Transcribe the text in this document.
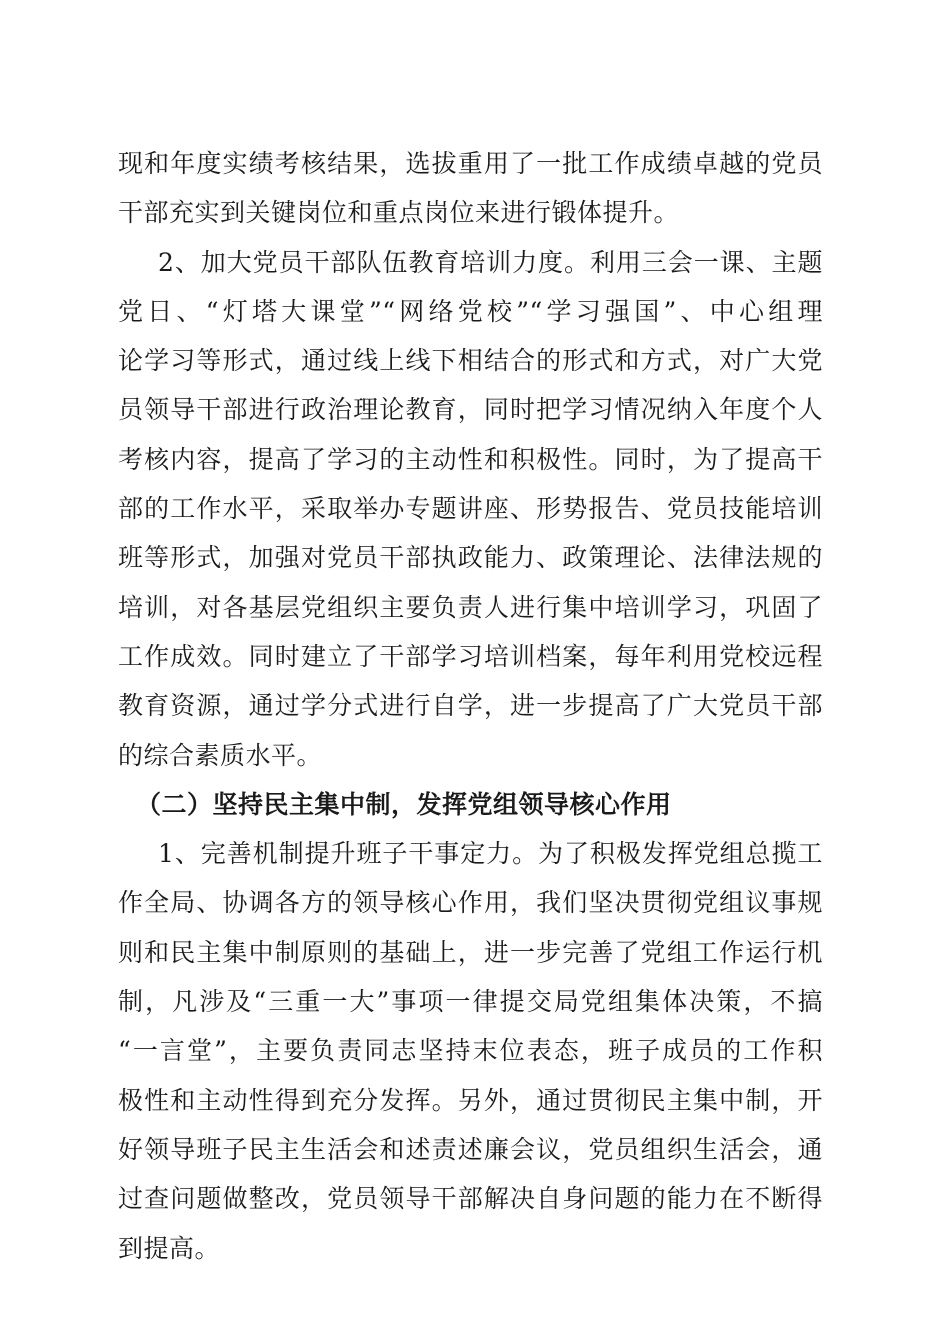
现和年度实绩考核结果，选拔重用了一批工作成绩卓越的党员
干部充实到关键岗位和重点岗位来进行锻体提升。
2、加大党员干部队伍教育培训力度。利用三会一课、主题
党日、“灯塔大课堂”“网络党校”“学习强国”、中心组理
论学习等形式，通过线上线下相结合的形式和方式，对广大党
员领导干部进行政治理论教育，同时把学习情况纳入年度个人
考核内容，提高了学习的主动性和积极性。同时，为了提高干
部的工作水平，采取举办专题讲座、形势报告、党员技能培训
班等形式，加强对党员干部执政能力、政策理论、法律法规的
培训，对各基层党组织主要负责人进行集中培训学习，巩固了
工作成效。同时建立了干部学习培训档案，每年利用党校远程
教育资源，通过学分式进行自学，进一步提高了广大党员干部
的综合素质水平。
（二）坚持民主集中制，发挥党组领导核心作用
1、完善机制提升班子干事定力。为了积极发挥党组总揽工
作全局、协调各方的领导核心作用，我们坚决贯彻党组议事规
则和民主集中制原则的基础上，进一步完善了党组工作运行机
制，凡涉及“三重一大”事项一律提交局党组集体决策，不搞
“一言堂”，主要负责同志坚持末位表态，班子成员的工作积
极性和主动性得到充分发挥。另外，通过贯彻民主集中制，开
好领导班子民主生活会和述责述廉会议，党员组织生活会，通
过查问题做整改，党员领导干部解决自身问题的能力在不断得
到提高。
